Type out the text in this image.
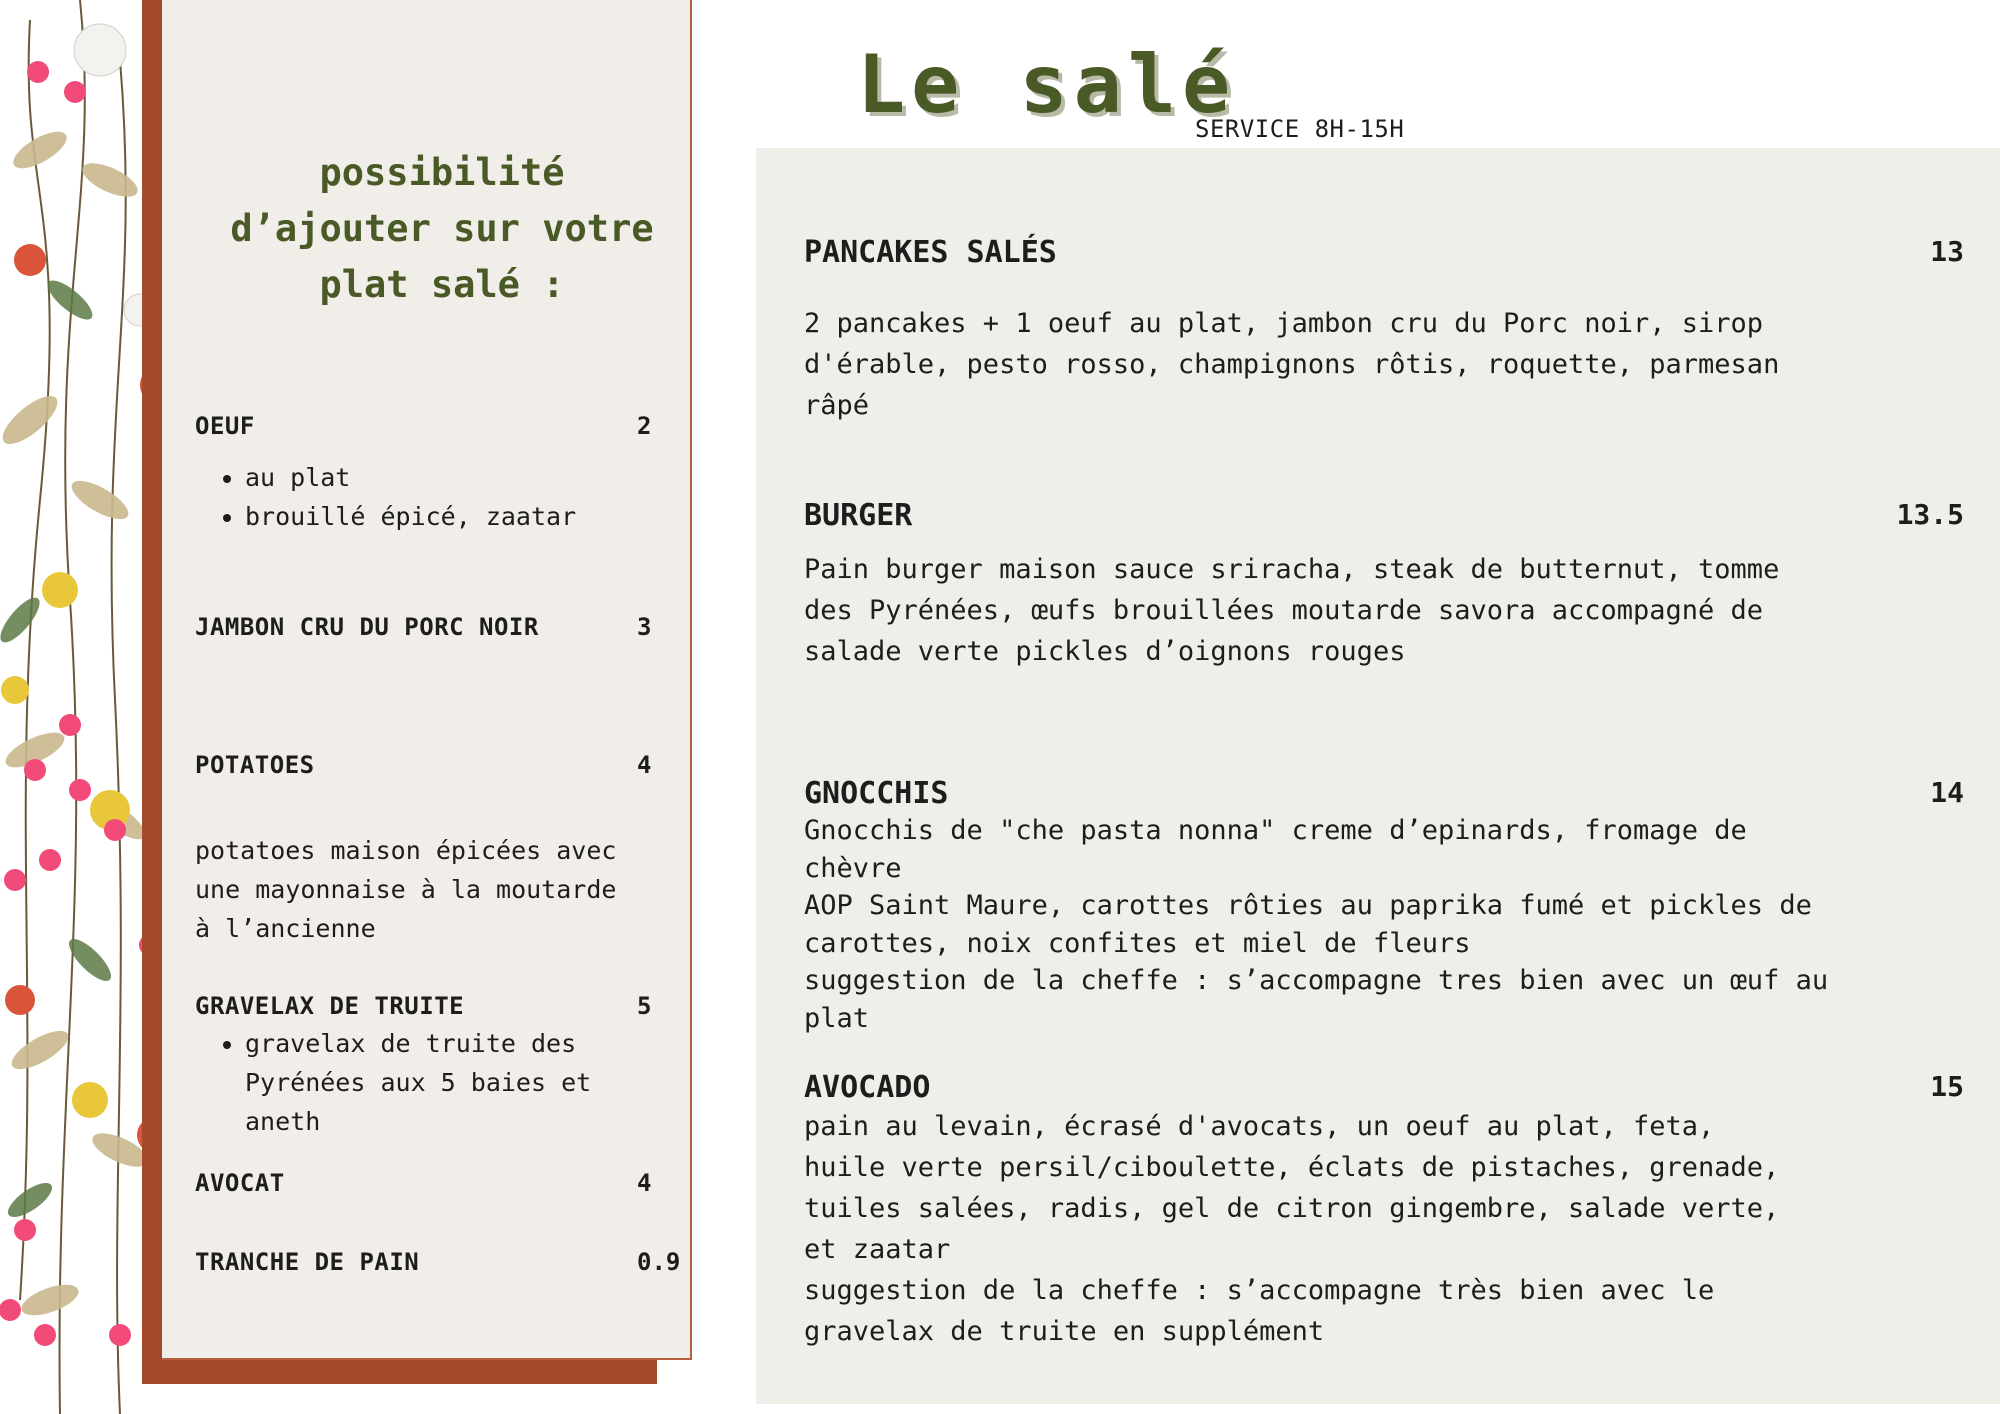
possibilité
d’ajouter sur votre
plat salé :
OEUF	2
• au plat
• brouillé épicé, zaatar
JAMBON CRU DU PORC NOIR	3
POTATOES	4
potatoes maison épicées avec
une mayonnaise à la moutarde
à l’ancienne
GRAVELAX DE TRUITE	5
• gravelax de truite des Pyrénées aux 5 baies et aneth
AVOCAT	4
TRANCHE DE PAIN	0.9
Le salé
SERVICE 8H-15H
PANCAKES SALÉS	13
2 pancakes + 1 oeuf au plat, jambon cru du Porc noir, sirop
d'érable, pesto rosso, champignons rôtis, roquette, parmesan
râpé
BURGER	13.5
Pain burger maison sauce sriracha, steak de butternut, tomme
des Pyrénées, œufs brouillées moutarde savora accompagné de
salade verte pickles d’oignons rouges
GNOCCHIS	14
Gnocchis de "che pasta nonna" creme d’epinards, fromage de chèvre
AOP Saint Maure, carottes rôties au paprika fumé et pickles de
carottes, noix confites et miel de fleurs
suggestion de la cheffe : s’accompagne tres bien avec un œuf au
plat
AVOCADO	15
pain au levain, écrasé d'avocats, un oeuf au plat, feta,
huile verte persil/ciboulette, éclats de pistaches, grenade,
tuiles salées, radis, gel de citron gingembre, salade verte,
et zaatar
suggestion de la cheffe : s’accompagne très bien avec le
gravelax de truite en supplément
